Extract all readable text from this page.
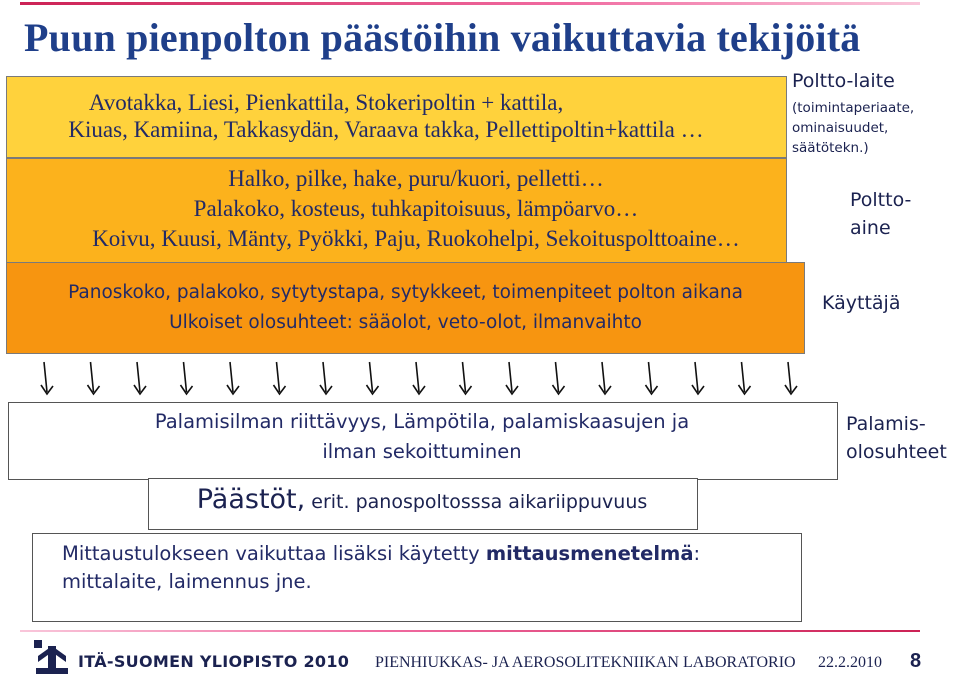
Puun pienpolton päästöihin vaikuttavia tekijöitä
Avotakka, Liesi, Pienkattila, Stokeripoltin + kattila,
Kiuas, Kamiina, Takkasydän, Varaava takka, Pellettipoltin+kattila …
Halko, pilke, hake, puru/kuori, pelletti…
Palakoko, kosteus, tuhkapitoisuus, lämpöarvo…
Koivu, Kuusi, Mänty, Pyökki, Paju, Ruokohelpi, Sekoituspolttoaine…
Panoskoko, palakoko, sytytystapa, sytykkeet, toimenpiteet polton aikana
Ulkoiset olosuhteet: sääolot, veto-olot, ilmanvaihto
Poltto-laite
(toimintaperiaate,
ominaisuudet,
säätötekn.)
Poltto-
aine
Käyttäjä
Palamis-
olosuhteet
Palamisilman riittävyys, Lämpötila, palamiskaasujen ja
ilman sekoittuminen
Päästöt, erit. panospoltosssa aikariippuvuus
Mittaustulokseen vaikuttaa lisäksi käytetty mittausmenetelmä:
mittalaite, laimennus jne.
ITÄ-SUOMEN YLIOPISTO 2010 PIENHIUKKAS- JA AEROSOLITEKNIIKAN LABORATORIO 22.2.2010 8
